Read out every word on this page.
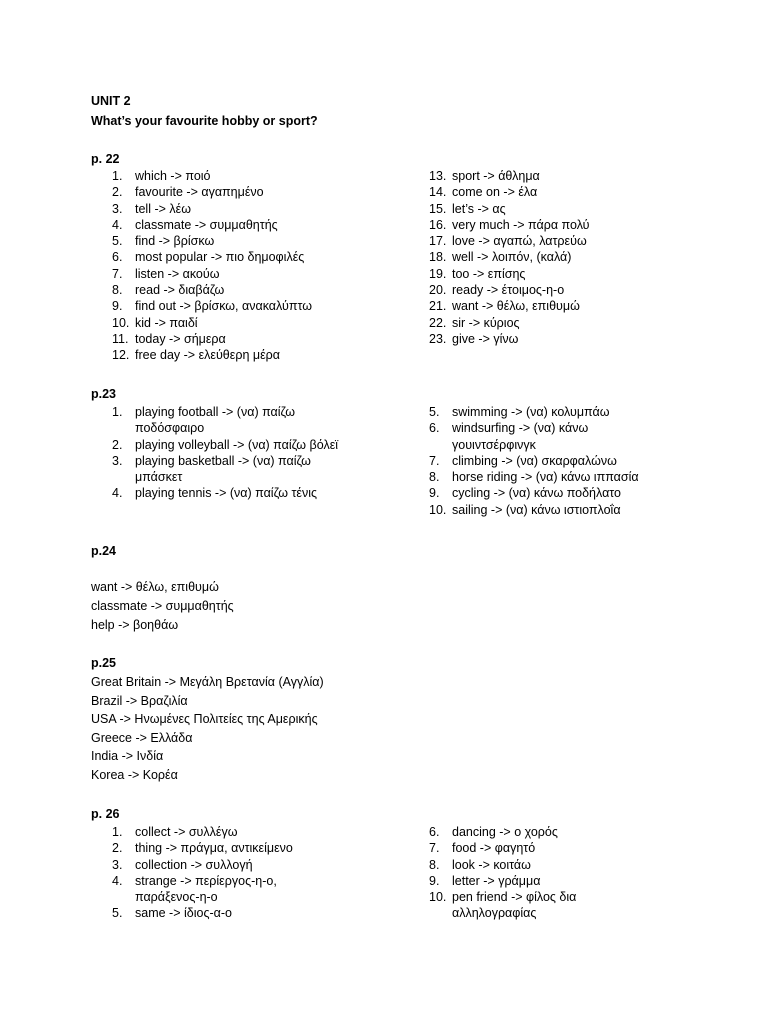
UNIT 2
What’s your favourite hobby or sport?
p. 22
1. which -> ποιό
2. favourite -> αγαπημένο
3. tell -> λέω
4. classmate -> συμμαθητής
5. find -> βρίσκω
6. most popular -> πιο δημοφιλές
7. listen -> ακούω
8. read -> διαβάζω
9. find out -> βρίσκω, ανακαλύπτω
10. kid -> παιδί
11. today -> σήμερα
12. free day -> ελεύθερη μέρα
13. sport -> άθλημα
14. come on -> έλα
15. let’s -> ας
16. very much -> πάρα πολύ
17. love -> αγαπώ, λατρεύω
18. well -> λοιπόν, (καλά)
19. too -> επίσης
20. ready -> έτοιμος-η-ο
21. want -> θέλω, επιθυμώ
22. sir -> κύριος
23. give -> γίνω
p.23
1. playing football -> (να) παίζω
ποδόσφαιρο
2. playing volleyball -> (να) παίζω βόλεϊ
3. playing basketball -> (να) παίζω
μπάσκετ
4. playing tennis -> (να) παίζω τένις
5. swimming -> (να) κολυμπάω
6. windsurfing -> (να) κάνω
γουιντσέρφινγκ
7. climbing -> (να) σκαρφαλώνω
8. horse riding -> (να) κάνω ιππασία
9. cycling -> (να) κάνω ποδήλατο
10. sailing -> (να) κάνω ιστιοπλοΐα
p.24
want -> θέλω, επιθυμώ
classmate -> συμμαθητής
help -> βοηθάω
p.25
Great Britain -> Μεγάλη Βρετανία (Αγγλία)
Brazil -> Βραζιλία
USA -> Ηνωμένες Πολιτείες της Αμερικής
Greece -> Ελλάδα
India -> Ινδία
Korea -> Κορέα
p. 26
1. collect -> συλλέγω
2. thing -> πράγμα, αντικείμενο
3. collection -> συλλογή
4. strange -> περίεργος-η-ο,
παράξενος-η-ο
5. same -> ίδιος-α-ο
6. dancing -> ο χορός
7. food -> φαγητό
8. look -> κοιτάω
9. letter -> γράμμα
10. pen friend -> φίλος δια
αλληλογραφίας
